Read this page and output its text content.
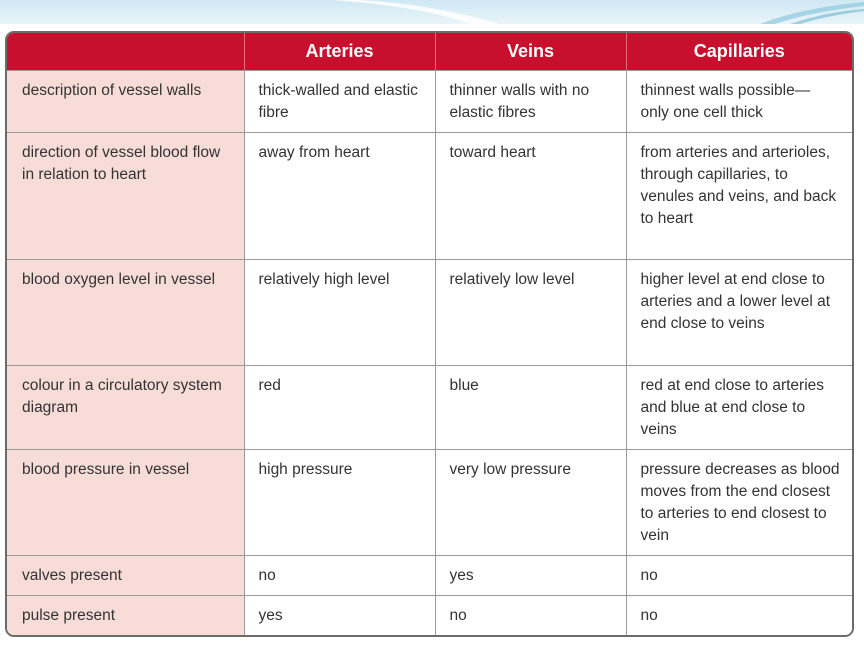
	Arteries	Veins	Capillaries
description of vessel walls	thick-walled and elastic fibre	thinner walls with no elastic fibres	thinnest walls possible— only one cell thick
direction of vessel blood flow in relation to heart	away from heart	toward heart	from arteries and arterioles, through capillaries, to venules and veins, and back to heart
blood oxygen level in vessel	relatively high level	relatively low level	higher level at end close to arteries and a lower level at end close to veins
colour in a circulatory system diagram	red	blue	red at end close to arteries and blue at end close to veins
blood pressure in vessel	high pressure	very low pressure	pressure decreases as blood moves from the end closest to arteries to end closest to vein
valves present	no	yes	no
pulse present	yes	no	no
